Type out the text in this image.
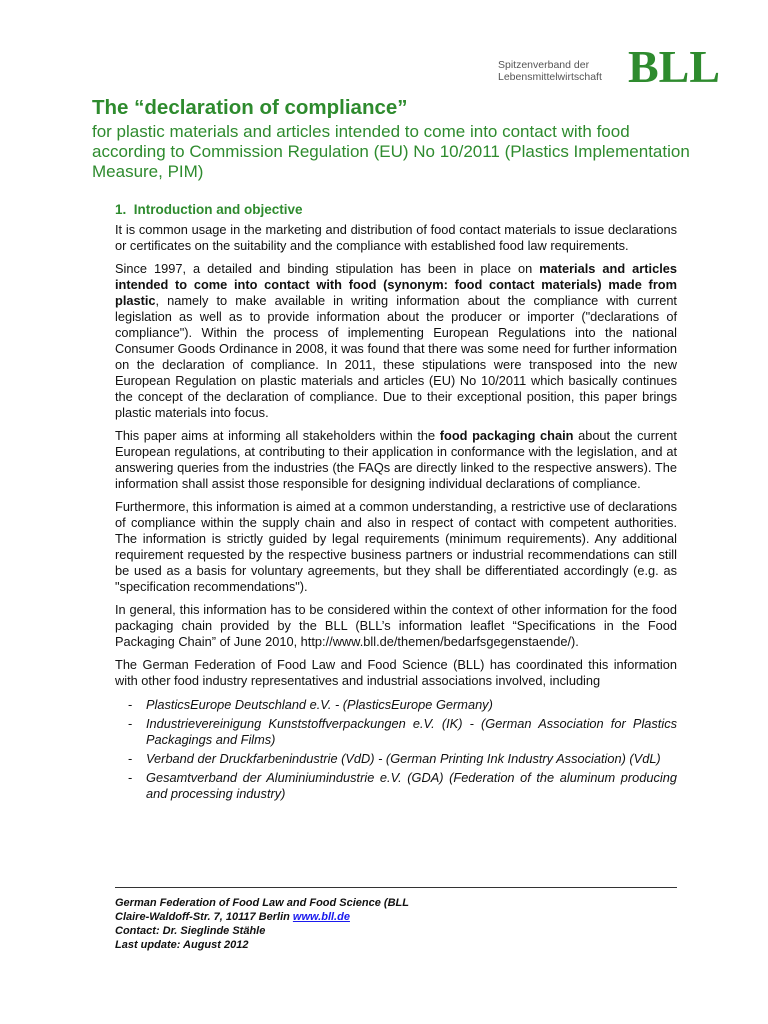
Spitzenverband der
Lebensmittelwirtschaft BLL
The “declaration of compliance”
for plastic materials and articles intended to come into contact with food according to Commission Regulation (EU) No 10/2011 (Plastics Implementation Measure, PIM)
1. Introduction and objective

It is common usage in the marketing and distribution of food contact materials to issue declarations or certificates on the suitability and the compliance with established food law requirements.

Since 1997, a detailed and binding stipulation has been in place on materials and articles intended to come into contact with food (synonym: food contact materials) made from plastic, namely to make available in writing information about the compliance with current legislation as well as to provide information about the producer or importer ("declarations of compliance"). Within the process of implementing European Regulations into the national Consumer Goods Ordinance in 2008, it was found that there was some need for further information on the declaration of compliance. In 2011, these stipulations were transposed into the new European Regulation on plastic materials and articles (EU) No 10/2011 which basically continues the concept of the declaration of compliance. Due to their exceptional position, this paper brings plastic materials into focus.

This paper aims at informing all stakeholders within the food packaging chain about the current European regulations, at contributing to their application in conformance with the legislation, and at answering queries from the industries (the FAQs are directly linked to the respective answers). The information shall assist those responsible for designing individual declarations of compliance.

Furthermore, this information is aimed at a common understanding, a restrictive use of declarations of compliance within the supply chain and also in respect of contact with competent authorities. The information is strictly guided by legal requirements (minimum requirements). Any additional requirement requested by the respective business partners or industrial recommendations can still be used as a basis for voluntary agreements, but they shall be differentiated accordingly (e.g. as "specification recommendations").

In general, this information has to be considered within the context of other information for the food packaging chain provided by the BLL (BLL’s information leaflet “Specifications in the Food Packaging Chain” of June 2010, http://www.bll.de/themen/bedarfsgegenstaende/).

The German Federation of Food Law and Food Science (BLL) has coordinated this information with other food industry representatives and industrial associations involved, including

- PlasticsEurope Deutschland e.V. - (PlasticsEurope Germany)
- Industrievereinigung Kunststoffverpackungen e.V. (IK) - (German Association for Plastics Packagings and Films)
- Verband der Druckfarbenindustrie (VdD) - (German Printing Ink Industry Association) (VdL)
- Gesamtverband der Aluminiumindustrie e.V. (GDA) (Federation of the aluminum producing and processing industry)
German Federation of Food Law and Food Science (BLL
Claire-Waldoff-Str. 7, 10117 Berlin www.bll.de
Contact: Dr. Sieglinde Stähle
Last update: August 2012
